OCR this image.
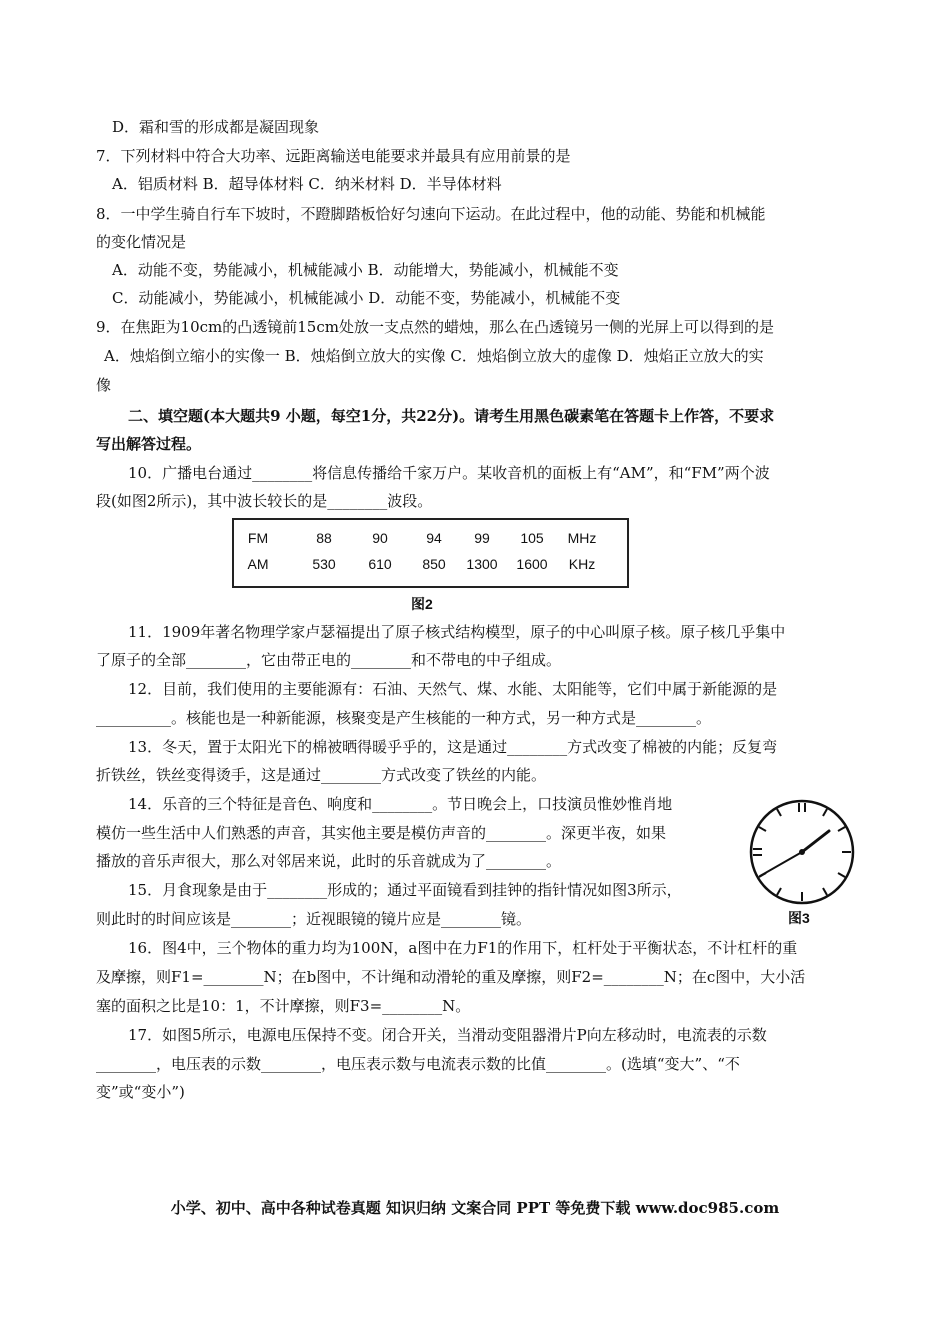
D．霜和雪的形成都是凝固现象
7．下列材料中符合大功率、远距离输送电能要求并最具有应用前景的是
A．铝质材料 B．超导体材料 C．纳米材料 D．半导体材料
8．一中学生骑自行车下坡时，不蹬脚踏板恰好匀速向下运动。在此过程中，他的动能、势能和机械能
的变化情况是
A．动能不变，势能减小，机械能减小 B．动能增大，势能减小，机械能不变
C．动能减小，势能减小，机械能减小 D．动能不变，势能减小，机械能不变
9．在焦距为10cm的凸透镜前15cm处放一支点然的蜡烛，那么在凸透镜另一侧的光屏上可以得到的是
A．烛焰倒立缩小的实像一 B．烛焰倒立放大的实像 C．烛焰倒立放大的虚像 D．烛焰正立放大的实
像
二、填空题(本大题共9 小题，每空1分，共22分)。请考生用黑色碳素笔在答题卡上作答，不要求
写出解答过程。
10．广播电台通过________将信息传播给千家万户。某收音机的面板上有“AM”，和“FM”两个波
段(如图2所示)，其中波长较长的是________波段。
11．1909年著名物理学家卢瑟福提出了原子核式结构模型，原子的中心叫原子核。原子核几乎集中
了原子的全部________，它由带正电的________和不带电的中子组成。
12．目前，我们使用的主要能源有：石油、天然气、煤、水能、太阳能等，它们中属于新能源的是
__________。核能也是一种新能源，核聚变是产生核能的一种方式，另一种方式是________。
13．冬天，置于太阳光下的棉被晒得暖乎乎的，这是通过________方式改变了棉被的内能；反复弯
折铁丝，铁丝变得烫手，这是通过________方式改变了铁丝的内能。
14．乐音的三个特征是音色、响度和________。节日晚会上，口技演员惟妙惟肖地
模仿一些生活中人们熟悉的声音，其实他主要是模仿声音的________。深更半夜，如果
播放的音乐声很大，那么对邻居来说，此时的乐音就成为了________。
15．月食现象是由于________形成的；通过平面镜看到挂钟的指针情况如图3所示，
则此时的时间应该是________；近视眼镜的镜片应是________镜。
16．图4中，三个物体的重力均为100N，a图中在力F1的作用下，杠杆处于平衡状态，不计杠杆的重
及摩擦，则F1=________N；在b图中，不计绳和动滑轮的重及摩擦，则F2=________N；在c图中，大小活
塞的面积之比是10：1，不计摩擦，则F3=________N。
17．如图5所示，电源电压保持不变。闭合开关，当滑动变阻器滑片P向左移动时，电流表的示数
________，电压表的示数________，电压表示数与电流表示数的比值________。(选填“变大”、“不
变”或“变小”)
FM	88	90	94	99	105	MHz
AM	530	610	850	1300	1600	KHz
图2
图3
小学、初中、高中各种试卷真题 知识归纳 文案合同 PPT 等免费下载 www.doc985.com
